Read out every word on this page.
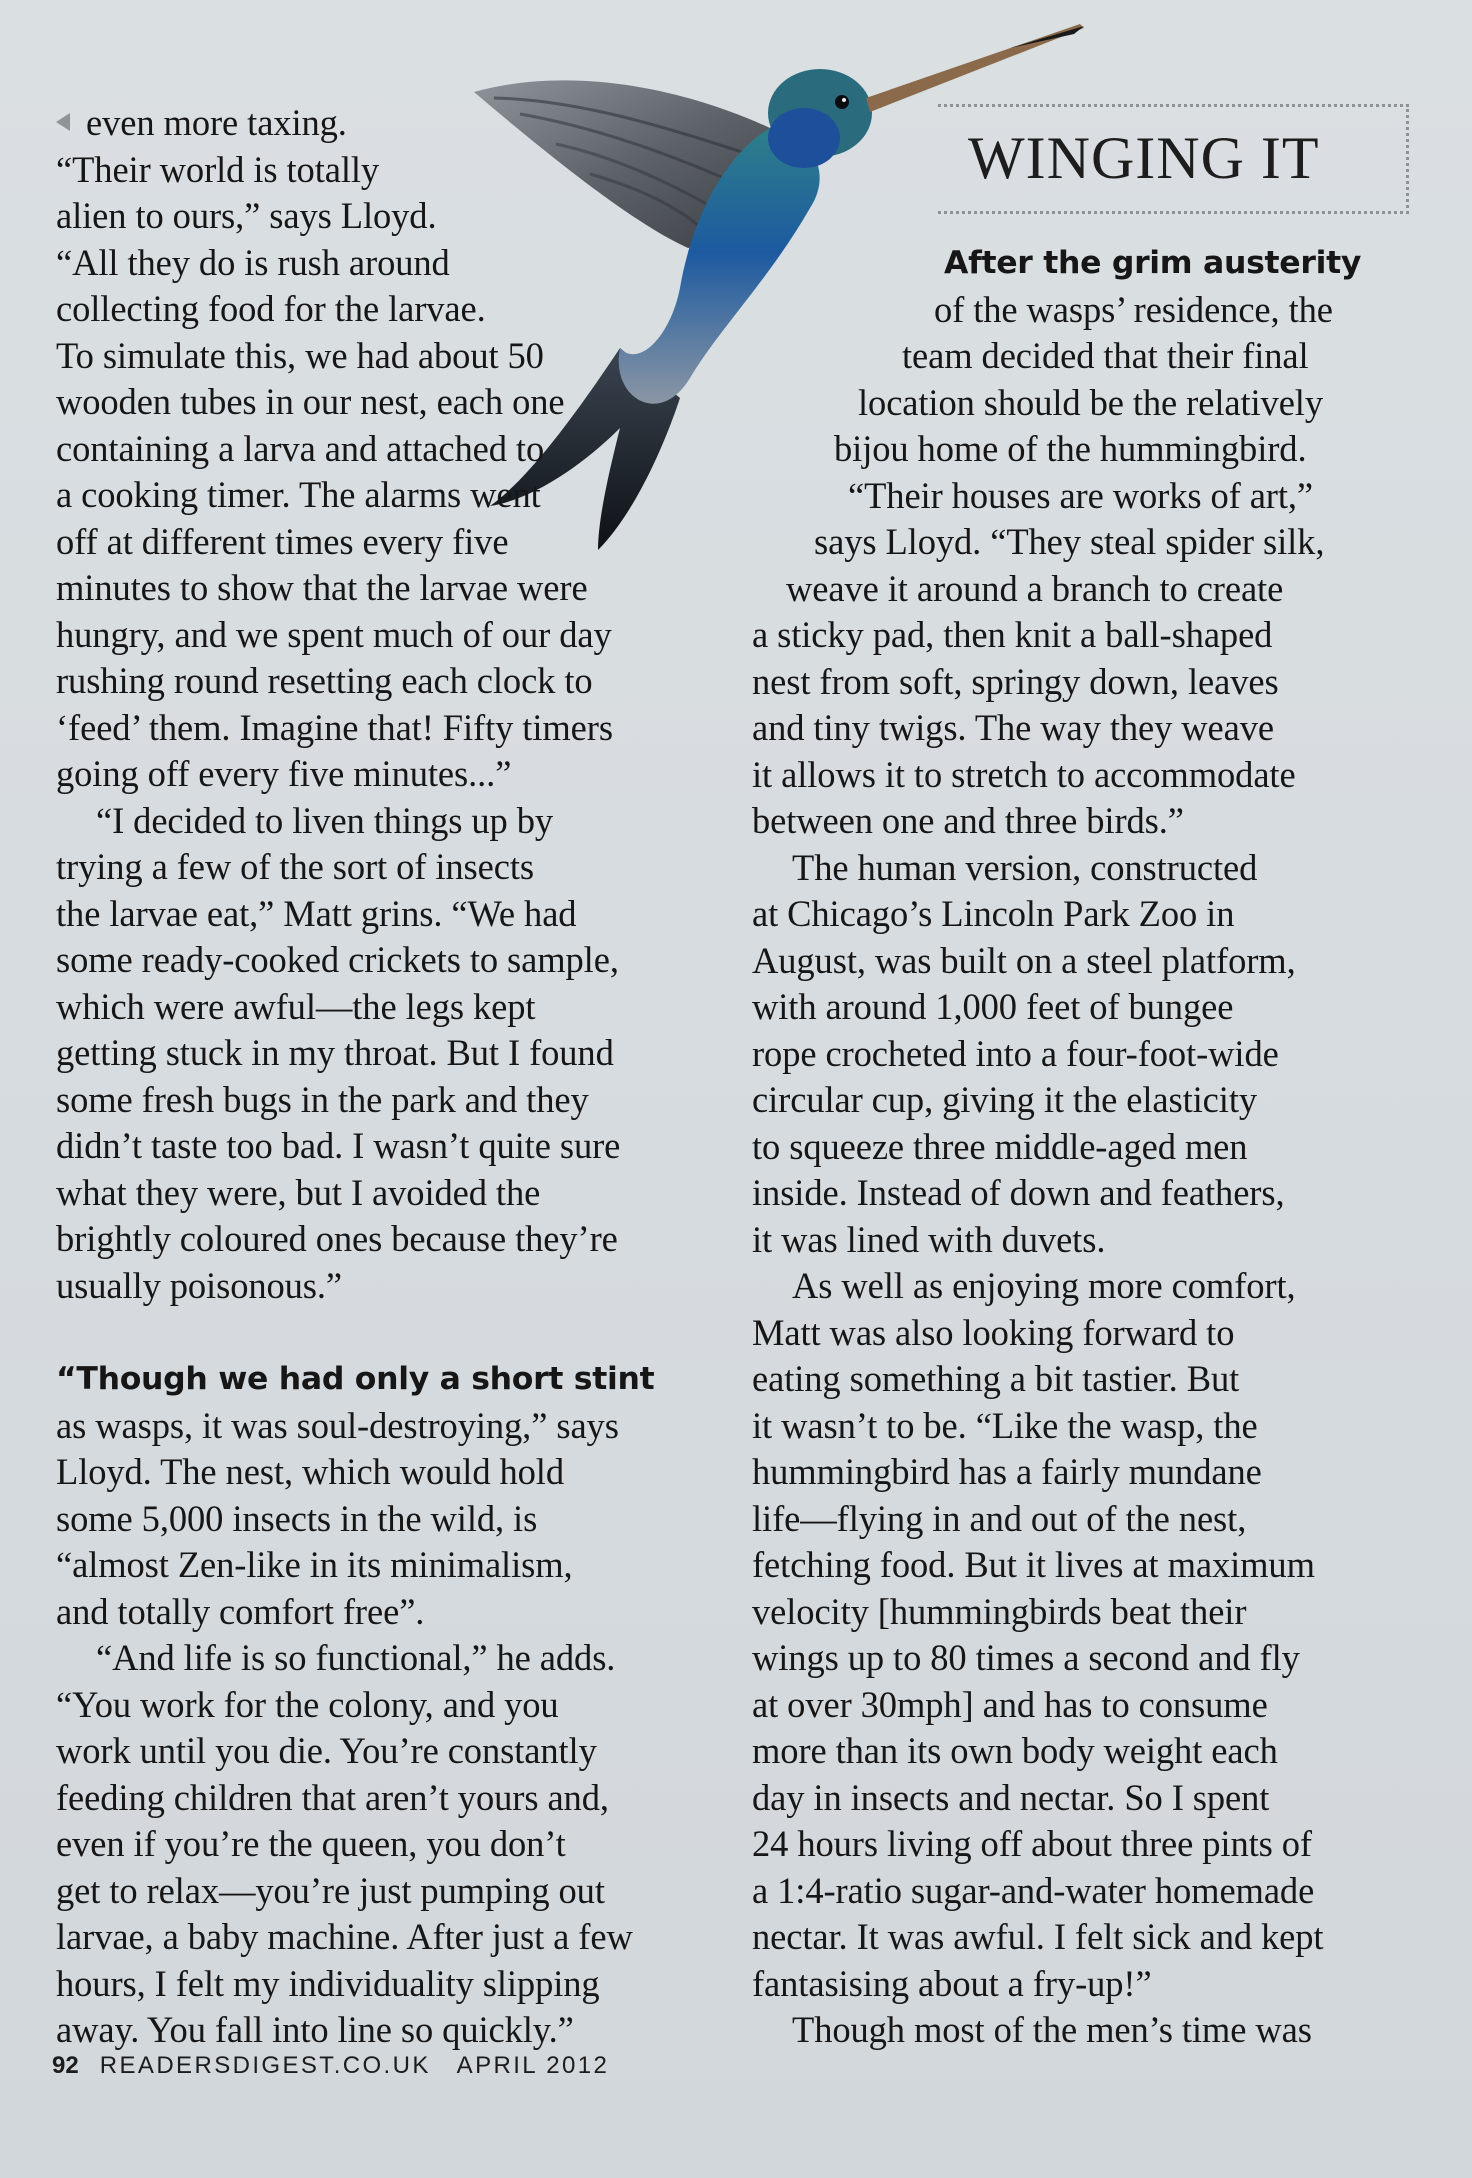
WINGING IT

even more taxing.

“Their world is totally

alien to ours,” says Lloyd.

“All they do is rush around

collecting food for the larvae.

To simulate this, we had about 50

wooden tubes in our nest, each one

containing a larva and attached to

a cooking timer. The alarms went

off at different times every five

minutes to show that the larvae were

hungry, and we spent much of our day

rushing round resetting each clock to

‘feed’ them. Imagine that! Fifty timers

going off every five minutes...”

“I decided to liven things up by

trying a few of the sort of insects

the larvae eat,” Matt grins. “We had

some ready-cooked crickets to sample,

which were awful—the legs kept

getting stuck in my throat. But I found

some fresh bugs in the park and they

didn’t taste too bad. I wasn’t quite sure

what they were, but I avoided the

brightly coloured ones because they’re

usually poisonous.”

“Though we had only a short stint

as wasps, it was soul-destroying,” says

Lloyd. The nest, which would hold

some 5,000 insects in the wild, is

“almost Zen-like in its minimalism,

and totally comfort free”.

“And life is so functional,” he adds.

“You work for the colony, and you

work until you die. You’re constantly

feeding children that aren’t yours and,

even if you’re the queen, you don’t

get to relax—you’re just pumping out

larvae, a baby machine. After just a few

hours, I felt my individuality slipping

away. You fall into line so quickly.”

After the grim austerity

of the wasps’ residence, the

team decided that their final

location should be the relatively

bijou home of the hummingbird.

“Their houses are works of art,”

says Lloyd. “They steal spider silk,

weave it around a branch to create

a sticky pad, then knit a ball-shaped

nest from soft, springy down, leaves

and tiny twigs. The way they weave

it allows it to stretch to accommodate

between one and three birds.”

The human version, constructed

at Chicago’s Lincoln Park Zoo in

August, was built on a steel platform,

with around 1,000 feet of bungee

rope crocheted into a four-foot-wide

circular cup, giving it the elasticity

to squeeze three middle-aged men

inside. Instead of down and feathers,

it was lined with duvets.

As well as enjoying more comfort,

Matt was also looking forward to

eating something a bit tastier. But

it wasn’t to be. “Like the wasp, the

hummingbird has a fairly mundane

life—flying in and out of the nest,

fetching food. But it lives at maximum

velocity [hummingbirds beat their

wings up to 80 times a second and fly

at over 30mph] and has to consume

more than its own body weight each

day in insects and nectar. So I spent

24 hours living off about three pints of

a 1:4-ratio sugar-and-water homemade

nectar. It was awful. I felt sick and kept

fantasising about a fry-up!”

Though most of the men’s time was

92 READERSDIGEST.CO.UK APRIL 2012
